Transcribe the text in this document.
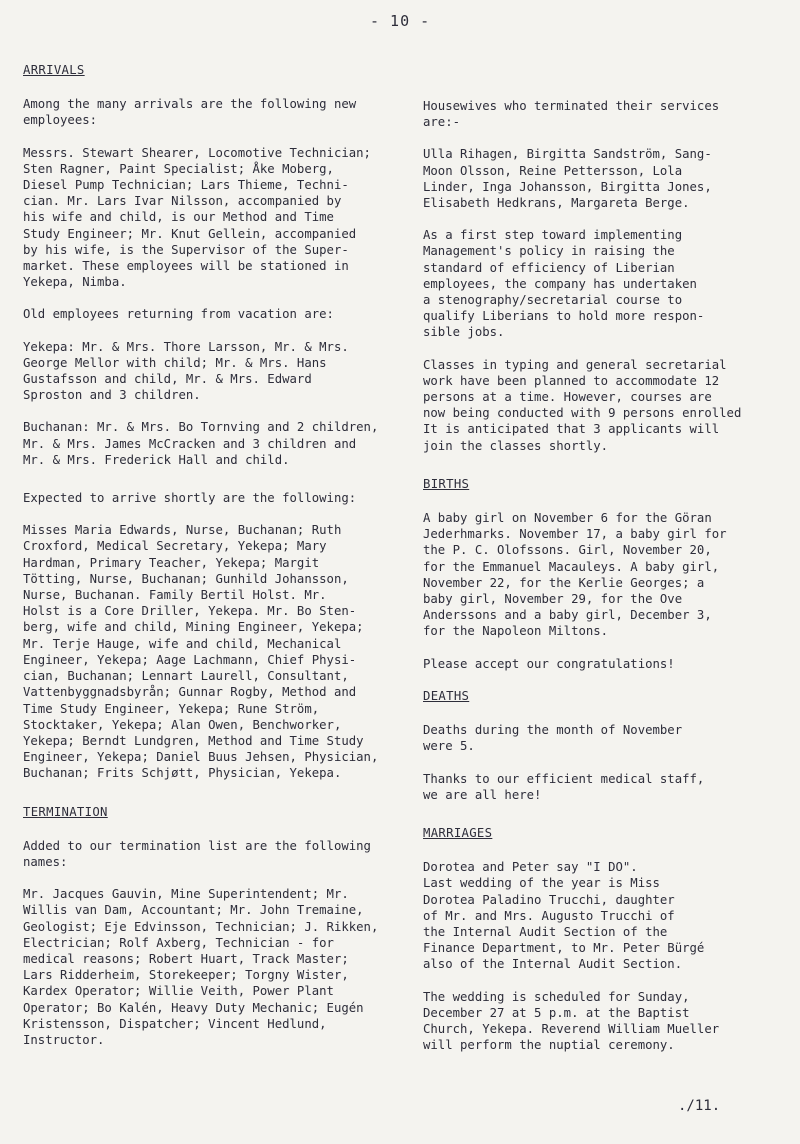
- 10 -
ARRIVALS
Among the many arrivals are the following new
employees:
Messrs. Stewart Shearer, Locomotive Technician;
Sten Ragner, Paint Specialist; Åke Moberg,
Diesel Pump Technician; Lars Thieme, Techni-
cian. Mr. Lars Ivar Nilsson, accompanied by
his wife and child, is our Method and Time
Study Engineer; Mr. Knut Gellein, accompanied
by his wife, is the Supervisor of the Super-
market. These employees will be stationed in
Yekepa, Nimba.
Old employees returning from vacation are:
Yekepa: Mr. & Mrs. Thore Larsson, Mr. & Mrs.
George Mellor with child; Mr. & Mrs. Hans
Gustafsson and child, Mr. & Mrs. Edward
Sproston and 3 children.
Buchanan: Mr. & Mrs. Bo Tornving and 2 children,
Mr. & Mrs. James McCracken and 3 children and
Mr. & Mrs. Frederick Hall and child.
Expected to arrive shortly are the following:
Misses Maria Edwards, Nurse, Buchanan; Ruth
Croxford, Medical Secretary, Yekepa; Mary
Hardman, Primary Teacher, Yekepa; Margit
Tötting, Nurse, Buchanan; Gunhild Johansson,
Nurse, Buchanan. Family Bertil Holst. Mr.
Holst is a Core Driller, Yekepa. Mr. Bo Sten-
berg, wife and child, Mining Engineer, Yekepa;
Mr. Terje Hauge, wife and child, Mechanical
Engineer, Yekepa; Aage Lachmann, Chief Physi-
cian, Buchanan; Lennart Laurell, Consultant,
Vattenbyggnadsbyrån; Gunnar Rogby, Method and
Time Study Engineer, Yekepa; Rune Ström,
Stocktaker, Yekepa; Alan Owen, Benchworker,
Yekepa; Berndt Lundgren, Method and Time Study
Engineer, Yekepa; Daniel Buus Jehsen, Physician,
Buchanan; Frits Schjøtt, Physician, Yekepa.
TERMINATION
Added to our termination list are the following
names:
Mr. Jacques Gauvin, Mine Superintendent; Mr.
Willis van Dam, Accountant; Mr. John Tremaine,
Geologist; Eje Edvinsson, Technician; J. Rikken,
Electrician; Rolf Axberg, Technician - for
medical reasons; Robert Huart, Track Master;
Lars Ridderheim, Storekeeper; Torgny Wister,
Kardex Operator; Willie Veith, Power Plant
Operator; Bo Kalén, Heavy Duty Mechanic; Eugén
Kristensson, Dispatcher; Vincent Hedlund,
Instructor.
Housewives who terminated their services
are:-
Ulla Rihagen, Birgitta Sandström, Sang-
Moon Olsson, Reine Pettersson, Lola
Linder, Inga Johansson, Birgitta Jones,
Elisabeth Hedkrans, Margareta Berge.
As a first step toward implementing
Management's policy in raising the
standard of efficiency of Liberian
employees, the company has undertaken
a stenography/secretarial course to
qualify Liberians to hold more respon-
sible jobs.
Classes in typing and general secretarial
work have been planned to accommodate 12
persons at a time. However, courses are
now being conducted with 9 persons enrolled
It is anticipated that 3 applicants will
join the classes shortly.
BIRTHS
A baby girl on November 6 for the Göran
Jederhmarks. November 17, a baby girl for
the P. C. Olofssons. Girl, November 20,
for the Emmanuel Macauleys. A baby girl,
November 22, for the Kerlie Georges; a
baby girl, November 29, for the Ove
Anderssons and a baby girl, December 3,
for the Napoleon Miltons.
Please accept our congratulations!
DEATHS
Deaths during the month of November
were 5.
Thanks to our efficient medical staff,
we are all here!
MARRIAGES
Dorotea and Peter say "I DO".
Last wedding of the year is Miss
Dorotea Paladino Trucchi, daughter
of Mr. and Mrs. Augusto Trucchi of
the Internal Audit Section of the
Finance Department, to Mr. Peter Bürgé
also of the Internal Audit Section.
The wedding is scheduled for Sunday,
December 27 at 5 p.m. at the Baptist
Church, Yekepa. Reverend William Mueller
will perform the nuptial ceremony.
./11.
